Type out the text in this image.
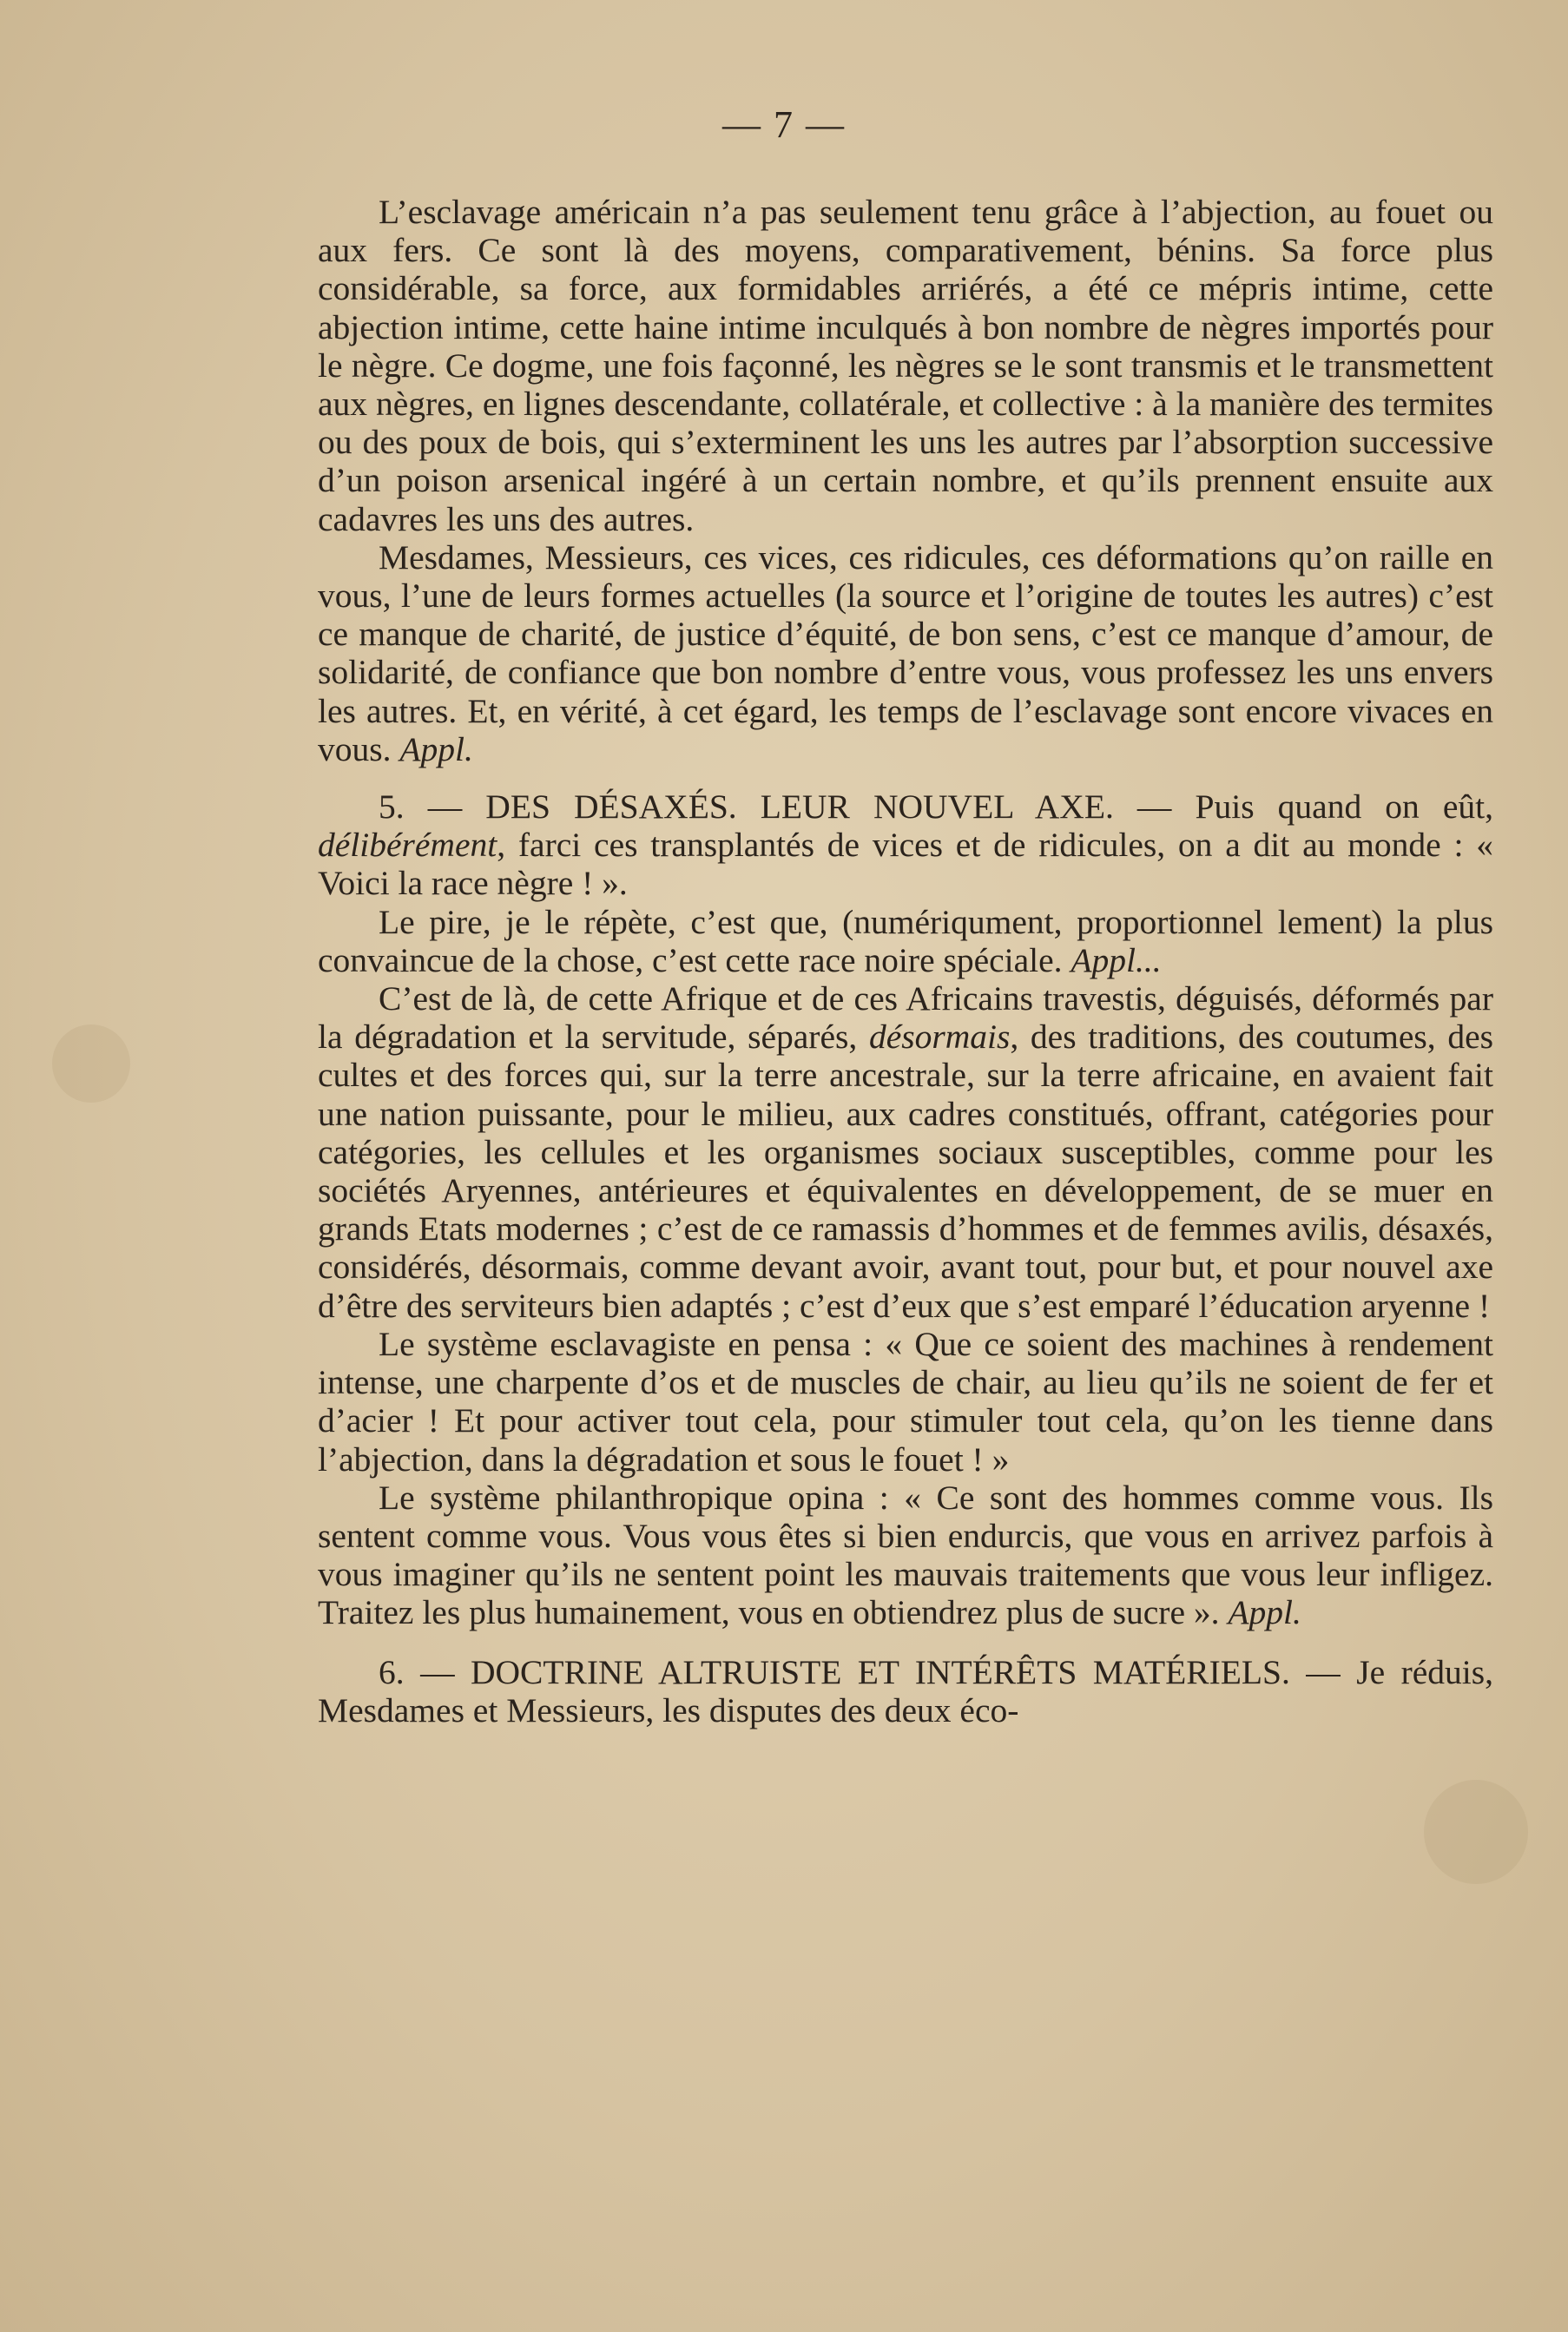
— 7 —

L’esclavage américain n’a pas seulement tenu grâce à l’abjection, au fouet ou aux fers. Ce sont là des moyens, comparativement, bénins. Sa force plus considérable, sa force, aux formidables arriérés, a été ce mépris intime, cette abjection intime, cette haine intime inculqués à bon nombre de nègres importés pour le nègre. Ce dogme, une fois façonné, les nègres se le sont transmis et le transmettent aux nègres, en lignes descendante, collatérale, et collective : à la manière des termites ou des poux de bois, qui s’exterminent les uns les autres par l’absorption successive d’un poison arsenical ingéré à un certain nombre, et qu’ils prennent ensuite aux cadavres les uns des autres.

Mesdames, Messieurs, ces vices, ces ridicules, ces déformations qu’on raille en vous, l’une de leurs formes actuelles (la source et l’origine de toutes les autres) c’est ce manque de charité, de justice d’équité, de bon sens, c’est ce manque d’amour, de solidarité, de confiance que bon nombre d’entre vous, vous professez les uns envers les autres. Et, en vérité, à cet égard, les temps de l’esclavage sont encore vivaces en vous. Appl.

5. — DES DÉSAXÉS. LEUR NOUVEL AXE. — Puis quand on eût, délibérément, farci ces transplantés de vices et de ridicules, on a dit au monde : « Voici la race nègre ! ».

Le pire, je le répète, c’est que, (numériqument, proportionnel lement) la plus convaincue de la chose, c’est cette race noire spéciale. Appl...

C’est de là, de cette Afrique et de ces Africains travestis, déguisés, déformés par la dégradation et la servitude, séparés, désormais, des traditions, des coutumes, des cultes et des forces qui, sur la terre ancestrale, sur la terre africaine, en avaient fait une nation puissante, pour le milieu, aux cadres constitués, offrant, catégories pour catégories, les cellules et les organismes sociaux susceptibles, comme pour les sociétés Aryennes, antérieures et équivalentes en développement, de se muer en grands Etats modernes ; c’est de ce ramassis d’hommes et de femmes avilis, désaxés, considérés, désormais, comme devant avoir, avant tout, pour but, et pour nouvel axe d’être des serviteurs bien adaptés ; c’est d’eux que s’est emparé l’éducation aryenne !

Le système esclavagiste en pensa : « Que ce soient des machines à rendement intense, une charpente d’os et de muscles de chair, au lieu qu’ils ne soient de fer et d’acier ! Et pour activer tout cela, pour stimuler tout cela, qu’on les tienne dans l’abjection, dans la dégradation et sous le fouet ! »

Le système philanthropique opina : « Ce sont des hommes comme vous. Ils sentent comme vous. Vous vous êtes si bien endurcis, que vous en arrivez parfois à vous imaginer qu’ils ne sentent point les mauvais traitements que vous leur infligez. Traitez les plus humainement, vous en obtiendrez plus de sucre ». Appl.

6. — DOCTRINE ALTRUISTE ET INTÉRÊTS MATÉRIELS. — Je réduis, Mesdames et Messieurs, les disputes des deux éco-
